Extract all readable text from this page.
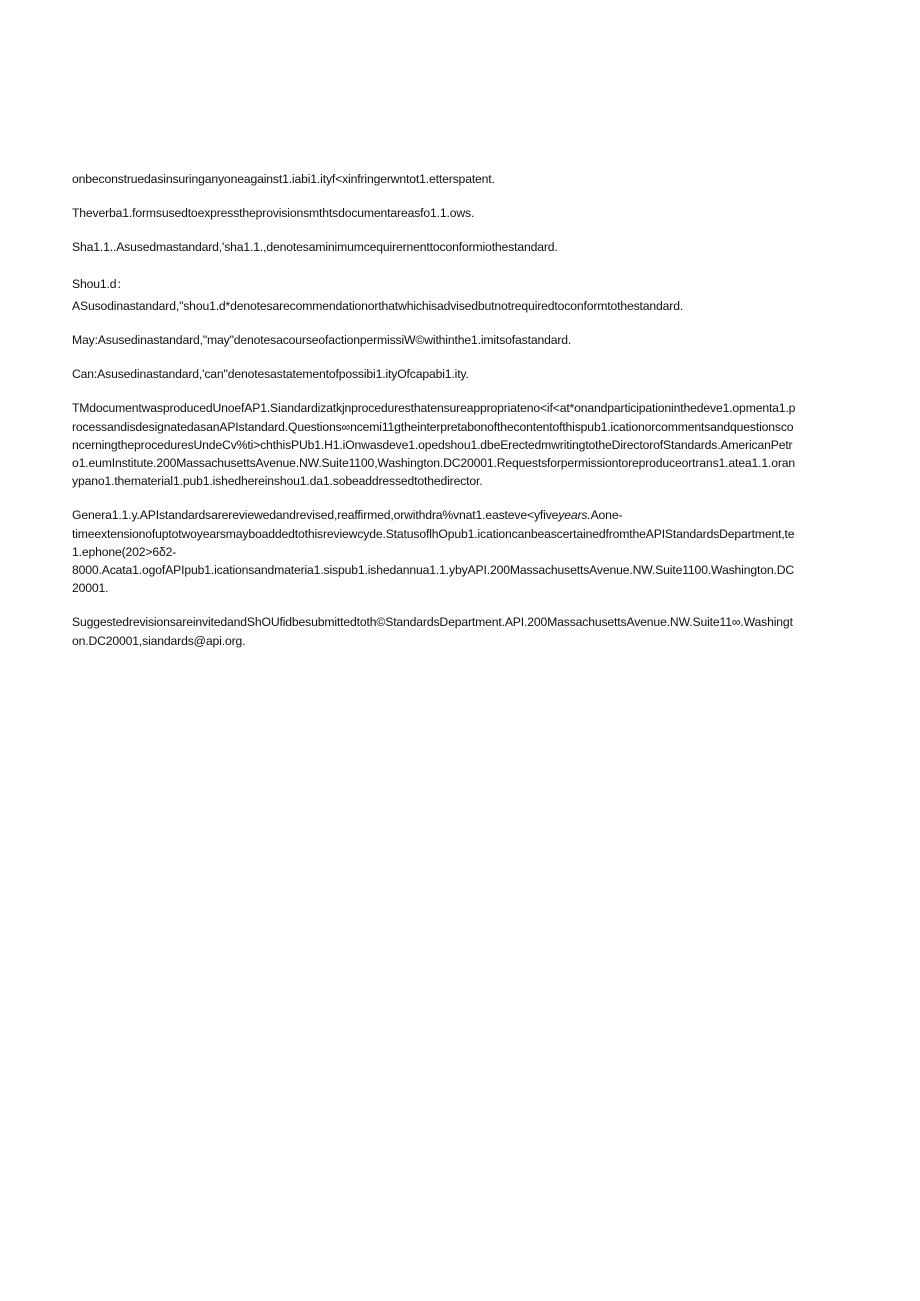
onbeconstruedasinsuringanyoneagainst1.iabi1.ityf<xinfringerwntot1.etterspatent.

Theverba1.formsusedtoexpresstheprovisionsmthtsdocumentareasfo1.1.ows.

Sha1.1..Asusedmastandard,'sha1.1.,denotesaminimumcequirernenttoconformiothestandard.

Shou1.d：
ASusodinastandard,"shou1.d*denotesarecommendationorthatwhichisadvisedbutnotrequiredtoconformtothestandard.

May:Asusedinastandard,"may"denotesacourseofactionpermissiW©withinthe1.imitsofastandard.

Can:Asusedinastandard,'can"denotesastatementofpossibi1.ityOfcapabi1.ity.

TMdocumentwasproducedUnoefAP1.Siandardizatkjnproceduresthatensureappropriateno<if<at*onandparticipationinthedeve1.opmenta1.processandisdesignatedasanAPIstandard.Questions∞ncemi11gtheinterpretabonofthecontentofthispub1.icationorcommentsandquestionsconcerningtheproceduresUndeCv%ti>chthisPUb1.H1.iOnwasdeve1.opedshou1.dbeErectedmwritingtotheDirectorofStandards.AmericanPetro1.eumInstitute.200MassachusettsAvenue.NW.Suite1100,Washington.DC20001.Requestsforpermissiontoreproduceortrans1.atea1.1.oranypano1.thematerial1.pub1.ishedhereinshou1.da1.sobeaddressedtothedirector.

Genera1.1.y.APIstandardsarereviewedandrevised,reaffirmed,orwithdra%vnat1.easteve<yfiveyears.Aone-
timeextensionofuptotwoyearsmayboaddedtothisreviewcyde.StatusoflhOpub1.icationcanbeascertainedfromtheAPIStandardsDepartment,te1.ephone(202>6δ2-
8000.Acata1.ogofAPIpub1.icationsandmateria1.sispub1.ishedannua1.1.ybyAPI.200MassachusettsAvenue.NW.Suite1100.Washington.DC20001.

SuggestedrevisionsareinvitedandShOUfidbesubmittedtoth©StandardsDepartment.API.200MassachusettsAvenue.NW.Suite11∞.Washington.DC20001,siandards@api.org.
